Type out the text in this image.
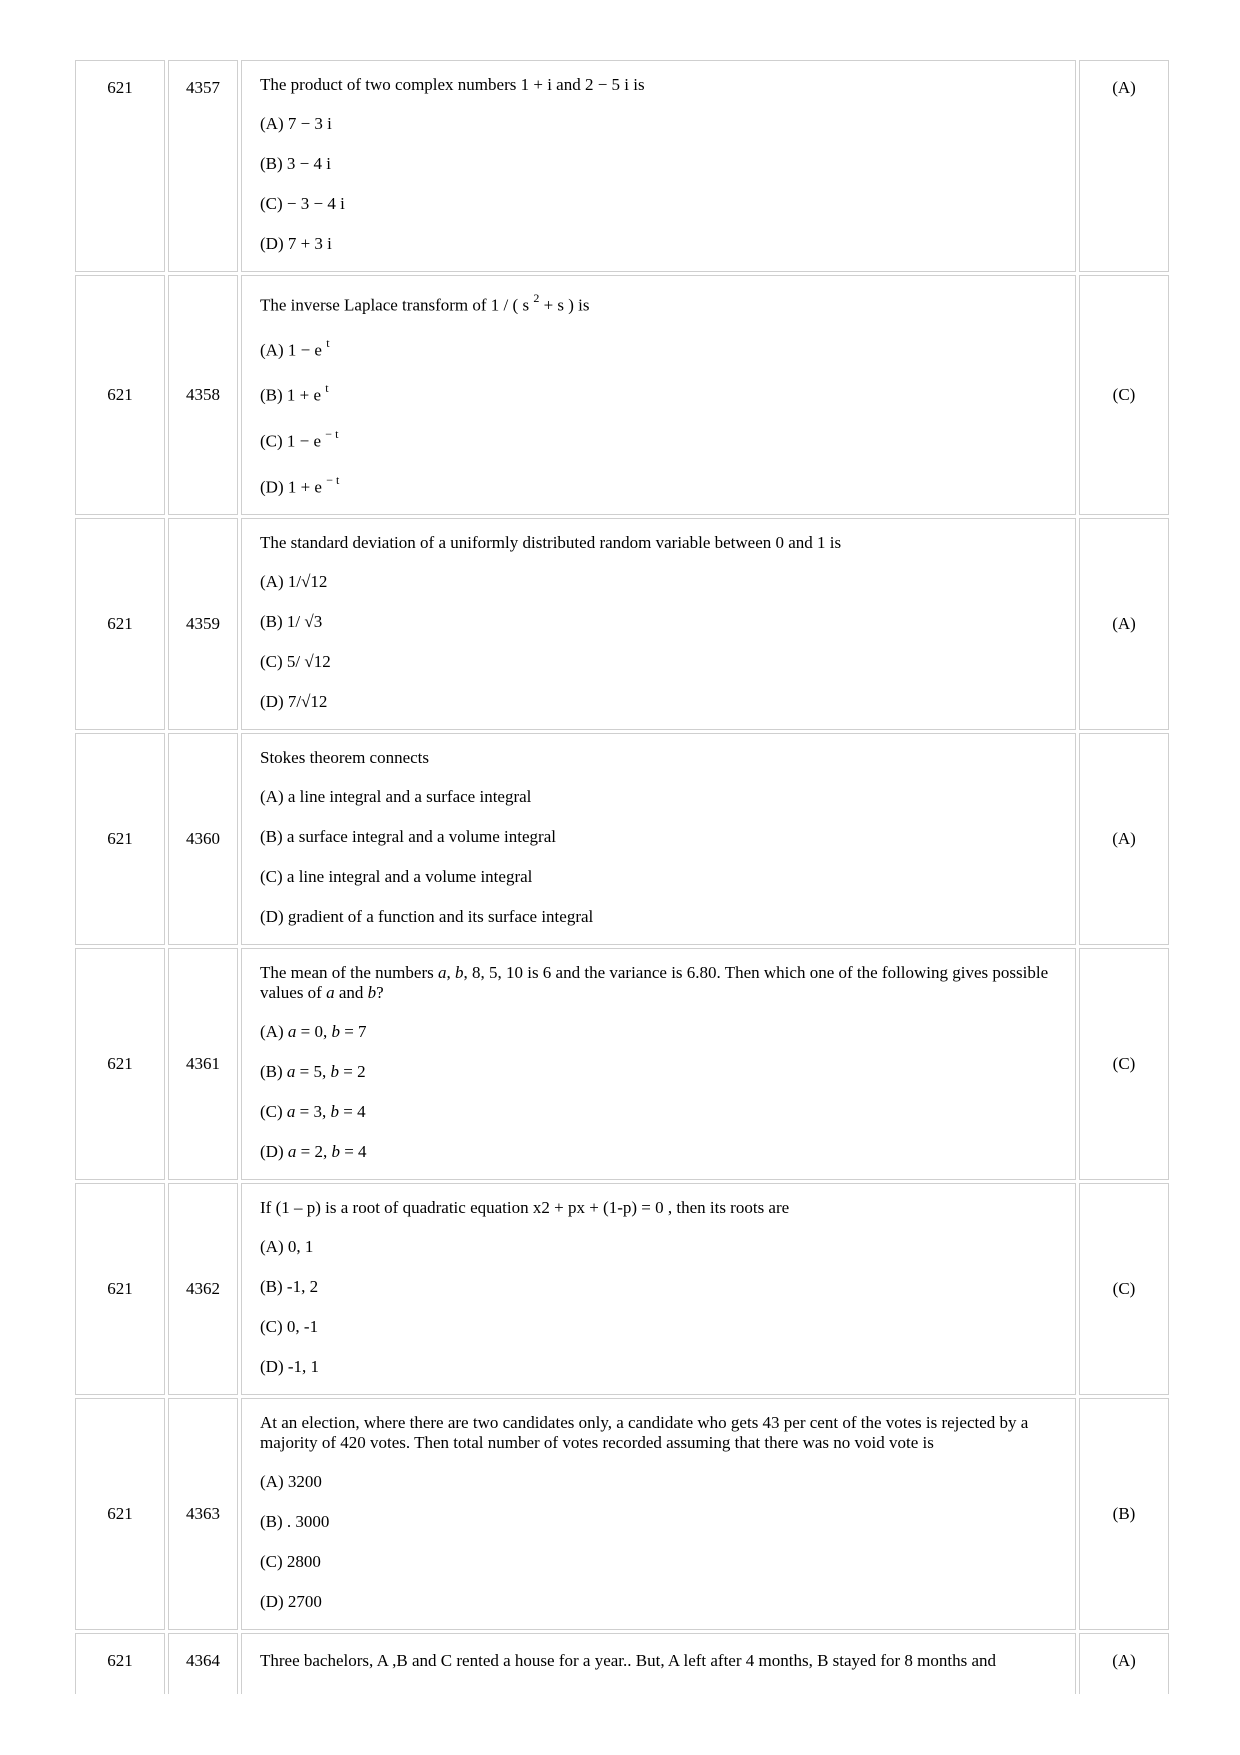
621	4357	The product of two complex numbers 1 + i and 2 − 5 i is
(A) 7 − 3 i
(B) 3 − 4 i
(C) − 3 − 4 i
(D) 7 + 3 i	(A)
621	4358	The inverse Laplace transform of 1 / ( s $^2$ + s ) is
(A) 1 − e $^t$
(B) 1 + e $^t$
(C) 1 − e $^{- t}$
(D) 1 + e $^{- t}$	(C)
621	4359	The standard deviation of a uniformly distributed random variable between 0 and 1 is
(A) 1/√12
(B) 1/ √3
(C) 5/ √12
(D) 7/√12	(A)
621	4360	Stokes theorem connects
(A) a line integral and a surface integral
(B) a surface integral and a volume integral
(C) a line integral and a volume integral
(D) gradient of a function and its surface integral	(A)
621	4361	The mean of the numbers a, b, 8, 5, 10 is 6 and the variance is 6.80. Then which one of the following gives possible values of a and b?
(A) a = 0, b = 7
(B) a = 5, b = 2
(C) a = 3, b = 4
(D) a = 2, b = 4	(C)
621	4362	If (1 – p) is a root of quadratic equation x2 + px + (1-p) = 0 , then its roots are
(A) 0, 1
(B) -1, 2
(C) 0, -1
(D) -1, 1	(C)
621	4363	At an election, where there are two candidates only, a candidate who gets 43 per cent of the votes is rejected by a majority of 420 votes. Then total number of votes recorded assuming that there was no void vote is
(A) 3200
(B) . 3000
(C) 2800
(D) 2700	(B)
621	4364	Three bachelors, A ,B and C rented a house for a year.. But, A left after 4 months, B stayed for 8 months and	(A)
